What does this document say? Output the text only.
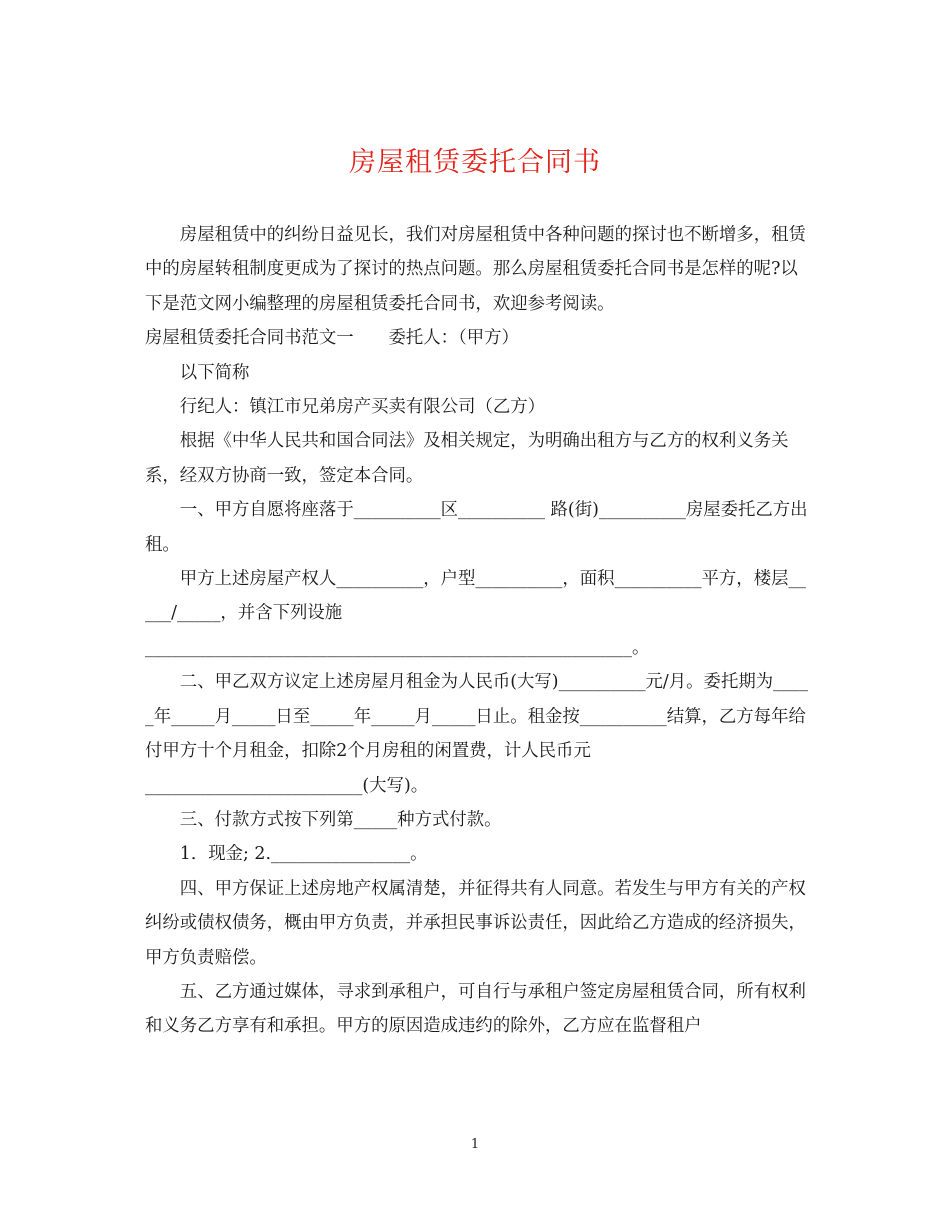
房屋租赁委托合同书

房屋租赁中的纠纷日益见长，我们对房屋租赁中各种问题的探讨也不断增多，租赁中的房屋转租制度更成为了探讨的热点问题。那么房屋租赁委托合同书是怎样的呢?以下是范文网小编整理的房屋租赁委托合同书，欢迎参考阅读。

房屋租赁委托合同书范文一　　委托人：（甲方）

以下简称

行纪人：镇江市兄弟房产买卖有限公司（乙方）

根据《中华人民共和国合同法》及相关规定，为明确出租方与乙方的权利义务关系，经双方协商一致，签定本合同。

一、甲方自愿将座落于__________区__________ 路(街)__________房屋委托乙方出租。

甲方上述房屋产权人__________，户型__________，面积__________平方，楼层_____/_____，并含下列设施

________________________________________________________。

二、甲乙双方议定上述房屋月租金为人民币(大写)__________元/月。委托期为_____年_____月_____日至_____年_____月_____日止。租金按__________结算，乙方每年给付甲方十个月租金，扣除2个月房租的闲置费，计人民币元

_________________________(大写)。

三、付款方式按下列第_____种方式付款。

1．现金; 2.________________。

四、甲方保证上述房地产权属清楚，并征得共有人同意。若发生与甲方有关的产权纠纷或债权债务，概由甲方负责，并承担民事诉讼责任，因此给乙方造成的经济损失，甲方负责赔偿。

五、乙方通过媒体，寻求到承租户，可自行与承租户签定房屋租赁合同，所有权利和义务乙方享有和承担。甲方的原因造成违约的除外，乙方应在监督租户

1
